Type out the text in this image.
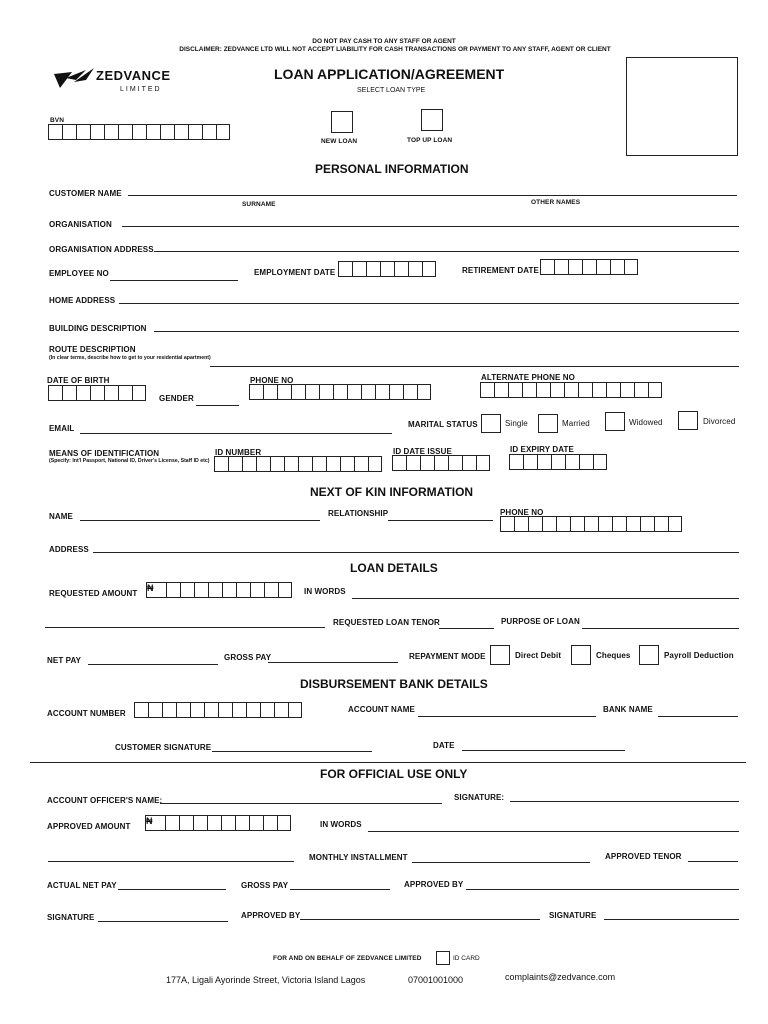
DO NOT PAY CASH TO ANY STAFF OR AGENT
DISCLAIMER: ZEDVANCE LTD WILL NOT ACCEPT LIABILITY FOR CASH TRANSACTIONS OR PAYMENT TO ANY STAFF, AGENT OR CLIENT
ZEDVANCE
LIMITED
LOAN APPLICATION/AGREEMENT
SELECT LOAN TYPE
BVN
NEW LOAN	TOP UP LOAN
PERSONAL INFORMATION
CUSTOMER NAME
SURNAME	OTHER NAMES
ORGANISATION
ORGANISATION ADDRESS
EMPLOYEE NO	EMPLOYMENT DATE	RETIREMENT DATE
HOME ADDRESS
BUILDING DESCRIPTION
ROUTE DESCRIPTION
(In clear terms, describe how to get to your residential apartment)
DATE OF BIRTH
GENDER
PHONE NO	ALTERNATE PHONE NO
EMAIL	MARITAL STATUS	Single	Married	Widowed	Divorced
MEANS OF IDENTIFICATION
(Specify: Int'l Passport, National ID, Driver's License, Staff ID etc)
ID NUMBER	ID DATE ISSUE	ID EXPIRY DATE
NEXT OF KIN INFORMATION
NAME	RELATIONSHIP	PHONE NO
ADDRESS
LOAN DETAILS
REQUESTED AMOUNT
₦	IN WORDS
REQUESTED LOAN TENOR	PURPOSE OF LOAN
NET PAY	GROSS PAY	REPAYMENT MODE	Direct Debit	Cheques	Payroll Deduction
DISBURSEMENT BANK DETAILS
ACCOUNT NUMBER	ACCOUNT NAME	BANK NAME
CUSTOMER SIGNATURE	DATE
FOR OFFICIAL USE ONLY
ACCOUNT OFFICER'S NAME:	SIGNATURE:
APPROVED AMOUNT
₦	IN WORDS
MONTHLY INSTALLMENT	APPROVED TENOR
ACTUAL NET PAY	GROSS PAY	APPROVED BY
SIGNATURE	APPROVED BY	SIGNATURE
FOR AND ON BEHALF OF ZEDVANCE LIMITED	ID CARD
177A, Ligali Ayorinde Street, Victoria Island Lagos	07001001000	complaints@zedvance.com
